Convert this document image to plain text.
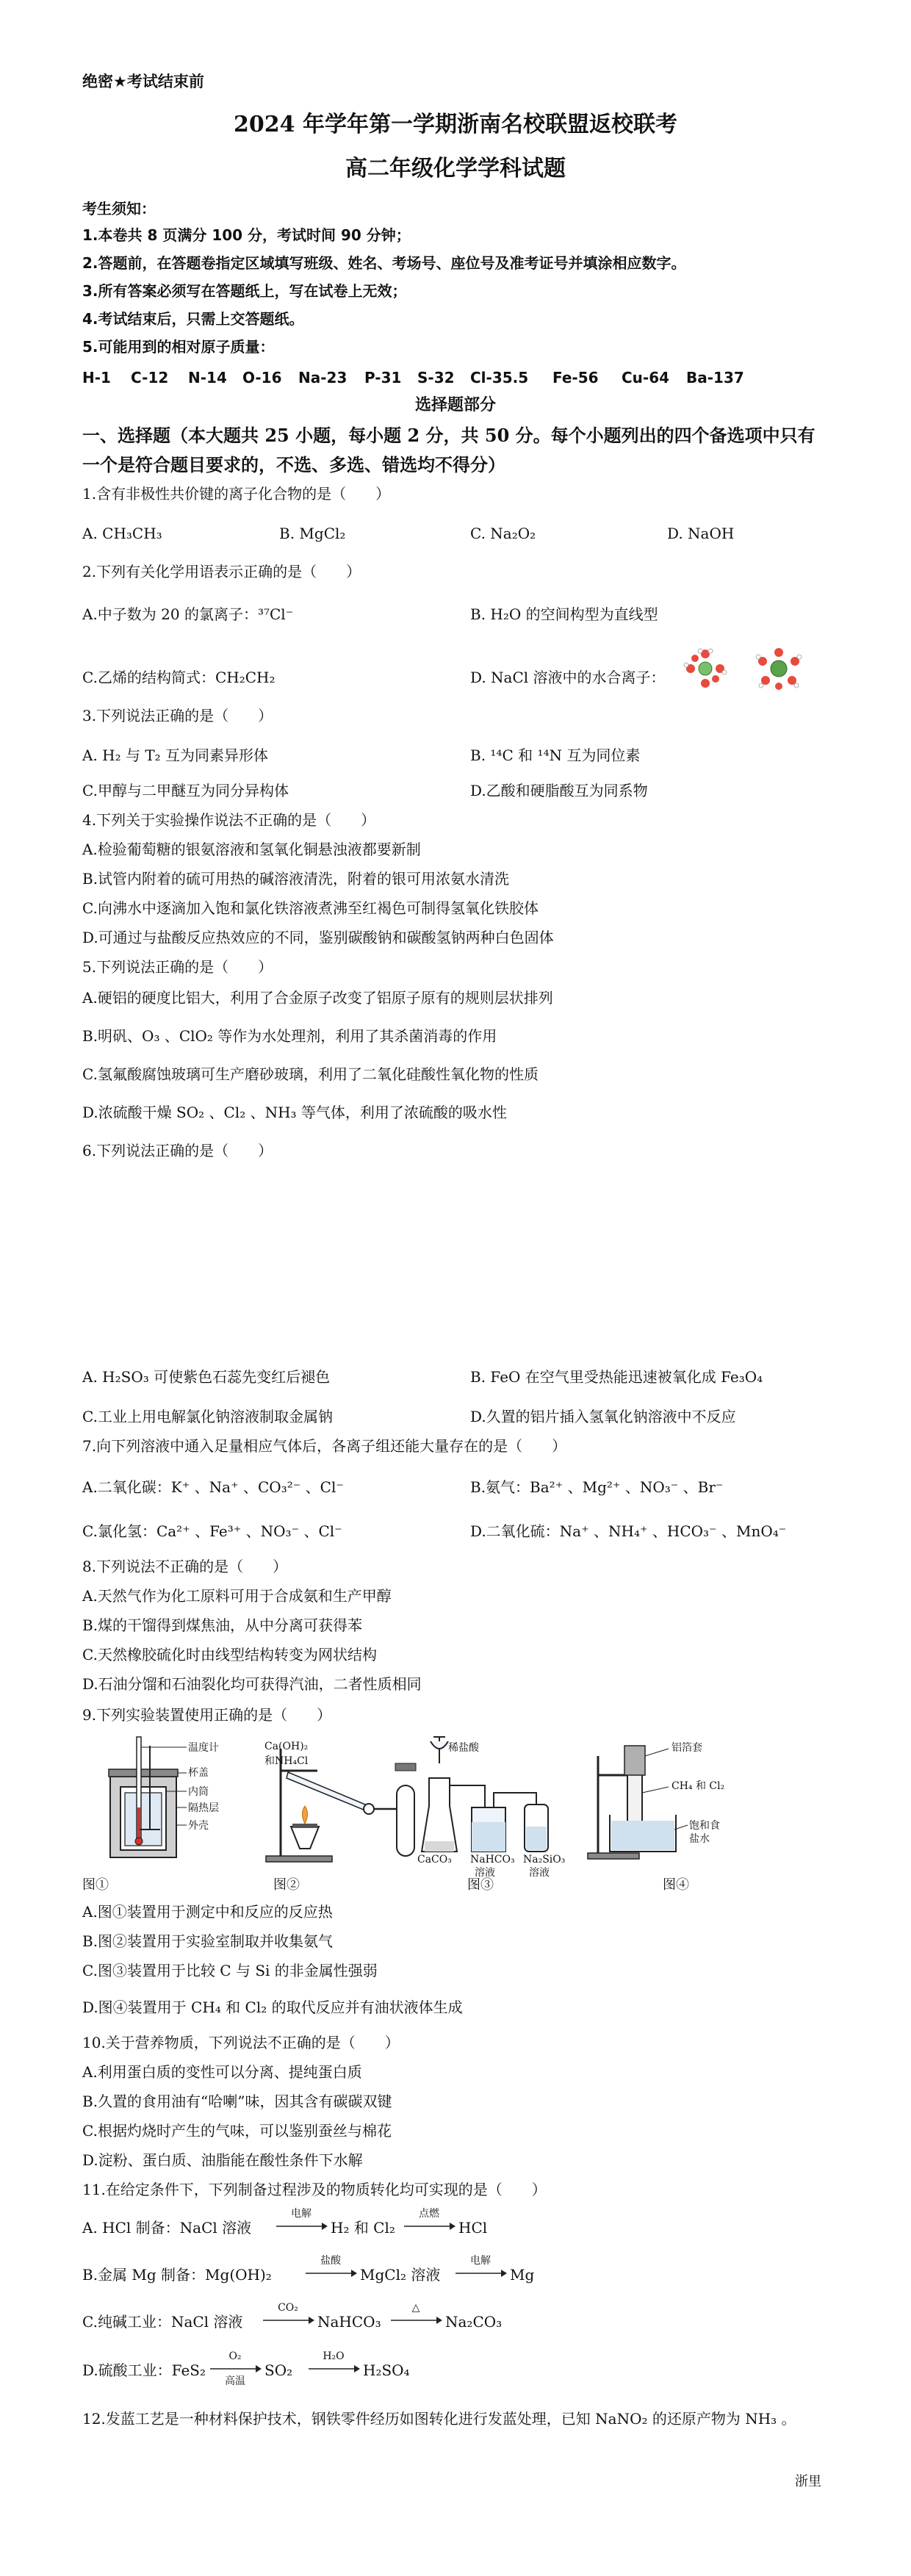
绝密★考试结束前
2024 年学年第一学期浙南名校联盟返校联考
高二年级化学学科试题
考生须知：
1.本卷共 8 页满分 100 分，考试时间 90 分钟；
2.答题前，在答题卷指定区域填写班级、姓名、考场号、座位号及准考证号并填涂相应数字。
3.所有答案必须写在答题纸上，写在试卷上无效；
4.考试结束后，只需上交答题纸。
5.可能用到的相对原子质量：
H-1 C-12 N-14 O-16 Na-23 P-31 S-32 Cl-35.5 Fe-56 Cu-64 Ba-137
选择题部分
一、选择题（本大题共 25 小题，每小题 2 分，共 50 分。每个小题列出的四个备选项中只有
一个是符合题目要求的，不选、多选、错选均不得分）
1.含有非极性共价键的离子化合物的是（　　）
A. CH₃CH₃	B. MgCl₂	C. Na₂O₂	D. NaOH
2.下列有关化学用语表示正确的是（　　）
A.中子数为 20 的氯离子：³⁷Cl⁻	B. H₂O 的空间构型为直线型
C.乙烯的结构简式：CH₂CH₂	D. NaCl 溶液中的水合离子：
3.下列说法正确的是（　　）
A. H₂ 与 T₂ 互为同素异形体	B. ¹⁴C 和 ¹⁴N 互为同位素
C.甲醇与二甲醚互为同分异构体	D.乙酸和硬脂酸互为同系物
4.下列关于实验操作说法不正确的是（　　）
A.检验葡萄糖的银氨溶液和氢氧化铜悬浊液都要新制
B.试管内附着的硫可用热的碱溶液清洗，附着的银可用浓氨水清洗
C.向沸水中逐滴加入饱和氯化铁溶液煮沸至红褐色可制得氢氧化铁胶体
D.可通过与盐酸反应热效应的不同，鉴别碳酸钠和碳酸氢钠两种白色固体
5.下列说法正确的是（　　）
A.硬铝的硬度比铝大，利用了合金原子改变了铝原子原有的规则层状排列
B.明矾、O₃ 、ClO₂ 等作为水处理剂，利用了其杀菌消毒的作用
C.氢氟酸腐蚀玻璃可生产磨砂玻璃，利用了二氧化硅酸性氧化物的性质
D.浓硫酸干燥 SO₂ 、Cl₂ 、NH₃ 等气体，利用了浓硫酸的吸水性
6.下列说法正确的是（　　）
A. H₂SO₃ 可使紫色石蕊先变红后褪色	B. FeO 在空气里受热能迅速被氧化成 Fe₃O₄
C.工业上用电解氯化钠溶液制取金属钠	D.久置的铝片插入氢氧化钠溶液中不反应
7.向下列溶液中通入足量相应气体后，各离子组还能大量存在的是（　　）
A.二氧化碳：K⁺ 、Na⁺ 、CO₃²⁻ 、Cl⁻	B.氨气：Ba²⁺ 、Mg²⁺ 、NO₃⁻ 、Br⁻
C.氯化氢：Ca²⁺ 、Fe³⁺ 、NO₃⁻ 、Cl⁻	D.二氧化硫：Na⁺ 、NH₄⁺ 、HCO₃⁻ 、MnO₄⁻
8.下列说法不正确的是（　　）
A.天然气作为化工原料可用于合成氨和生产甲醇
B.煤的干馏得到煤焦油，从中分离可获得苯
C.天然橡胶硫化时由线型结构转变为网状结构
D.石油分馏和石油裂化均可获得汽油，二者性质相同
9.下列实验装置使用正确的是（　　）
温度计
杯盖
内筒
隔热层
外壳
Ca(OH)₂
和NH₄Cl
稀盐酸
CaCO₃ NaHCO₃
溶液
Na₂SiO₃
溶液
铝箔套
CH₄ 和 Cl₂
饱和食
盐水
图①	图②	图③	图④
A.图①装置用于测定中和反应的反应热
B.图②装置用于实验室制取并收集氨气
C.图③装置用于比较 C 与 Si 的非金属性强弱
D.图④装置用于 CH₄ 和 Cl₂ 的取代反应并有油状液体生成
10.关于营养物质，下列说法不正确的是（　　）
A.利用蛋白质的变性可以分离、提纯蛋白质
B.久置的食用油有“哈喇”味，因其含有碳碳双键
C.根据灼烧时产生的气味，可以鉴别蚕丝与棉花
D.淀粉、蛋白质、油脂能在酸性条件下水解
11.在给定条件下，下列制备过程涉及的物质转化均可实现的是（　　）
A. HCl 制备：NaCl 溶液
电解
H₂ 和 Cl₂
点燃
HCl
B.金属 Mg 制备：Mg(OH)₂
盐酸
MgCl₂ 溶液
电解
Mg
C.纯碱工业：NaCl 溶液
CO₂
NaHCO₃
△
Na₂CO₃
D.硫酸工业：FeS₂
O₂
高温
SO₂
H₂O
H₂SO₄
12.发蓝工艺是一种材料保护技术，钢铁零件经历如图转化进行发蓝处理，已知 NaNO₂ 的还原产物为 NH₃ 。
浙里
